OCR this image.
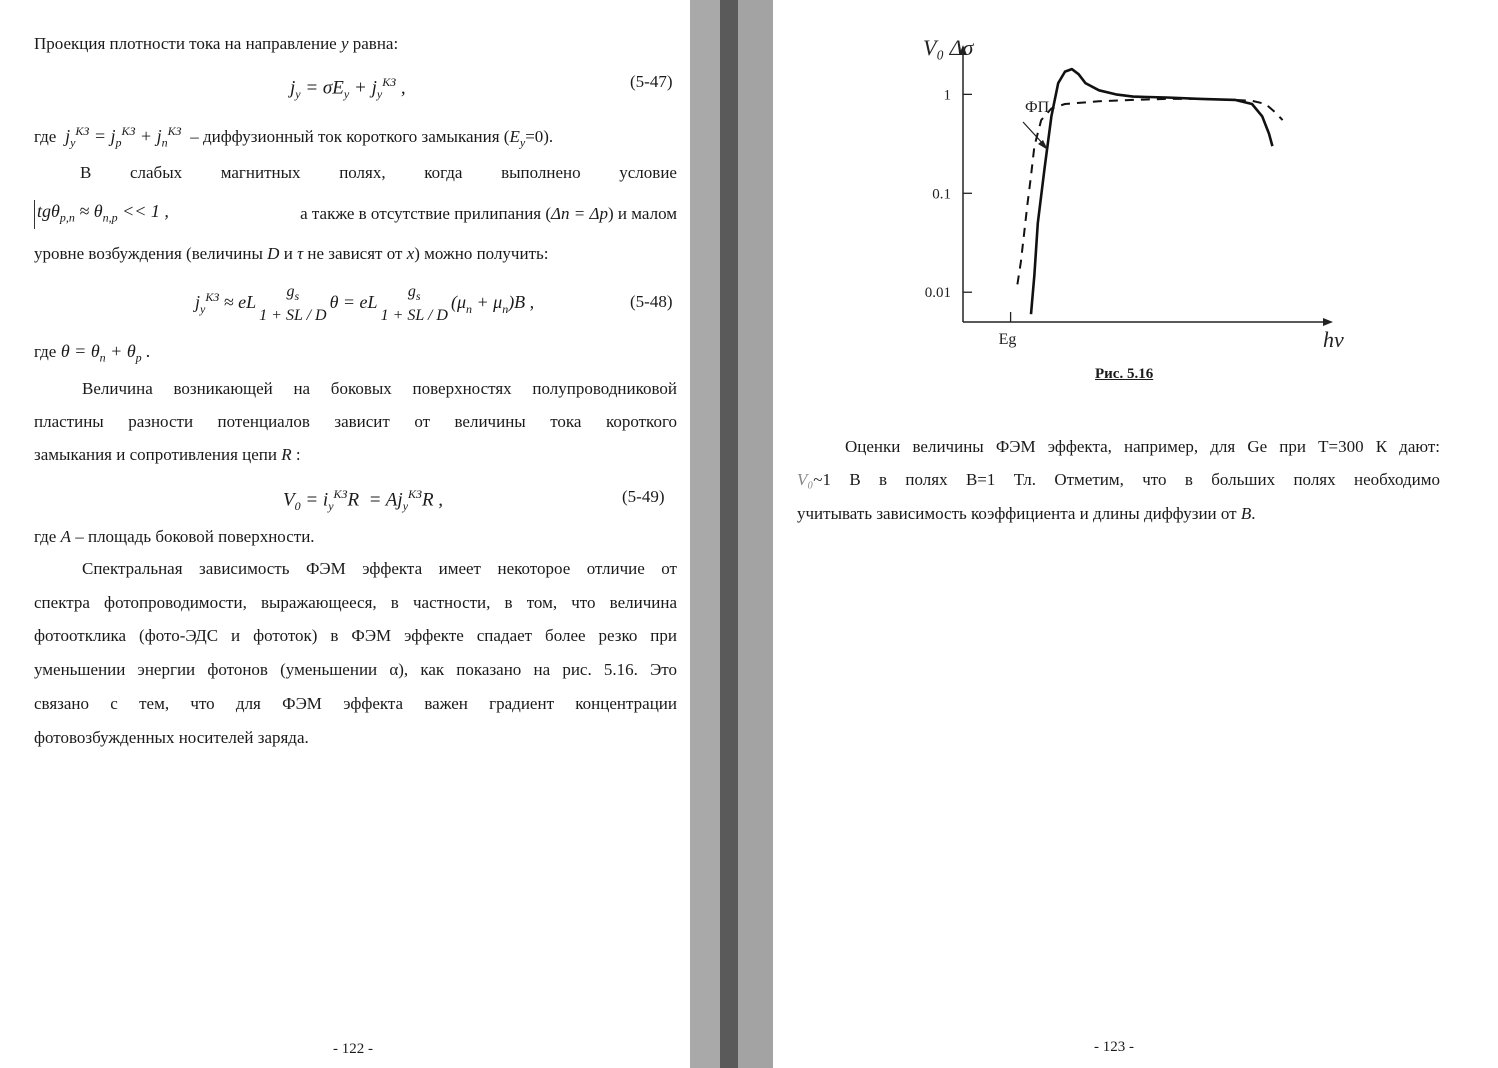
Проекция плотности тока на направление y равна:
$j_y = \sigma E_y + j_y^{КЗ}$ ,	(5-47)
где  $j_y^{КЗ} = j_p^{КЗ} + j_n^{КЗ}$ – диффузионный ток короткого замыкания $(E_y=0)$.
В слабых магнитных полях, когда выполнено условие
$tg\theta_{p,n} \approx \theta_{n,p} << 1$ ,	а также в отсутствие прилипания (Δn = Δp) и малом
уровне возбуждения (величины D и τ не зависят от x) можно получить:
$j_y^{КЗ}$ ≈ eL
$g_s$
1 + SL / D
θ = eL
$g_s$
1 + SL / D
$(\mu_n + \mu_n)B$ ,	(5-48)
где $\theta = \theta_n + \theta_p$ .
Величина возникающей на боковых поверхностях полупроводниковой
пластины разности потенциалов зависит от величины тока короткого
замыкания и сопротивления цепи R :
$V_0 = i_y^{КЗ}R = Aj_y^{КЗ}R$ ,	(5-49)
где A – площадь боковой поверхности.
Спектральная зависимость ФЭМ эффекта имеет некоторое отличие от
спектра фотопроводимости, выражающееся, в частности, в том, что величина
фотоотклика (фото-ЭДС и фототок) в ФЭМ эффекте спадает более резко при
уменьшении энергии фотонов (уменьшении α), как показано на рис. 5.16. Это
связано с тем, что для ФЭМ эффекта важен градиент концентрации
фотовозбужденных носителей заряда.
- 122 -
0.01
0.1
1
V₀ Δσ
hν
Eg
ФП
Рис. 5.16
Оценки величины ФЭМ эффекта, например, для Ge при T=300 К дают:
V₀ ~1 В в полях В=1 Тл. Отметим, что в больших полях необходимо
учитывать зависимость коэффициента и длины диффузии от B.
- 123 -
